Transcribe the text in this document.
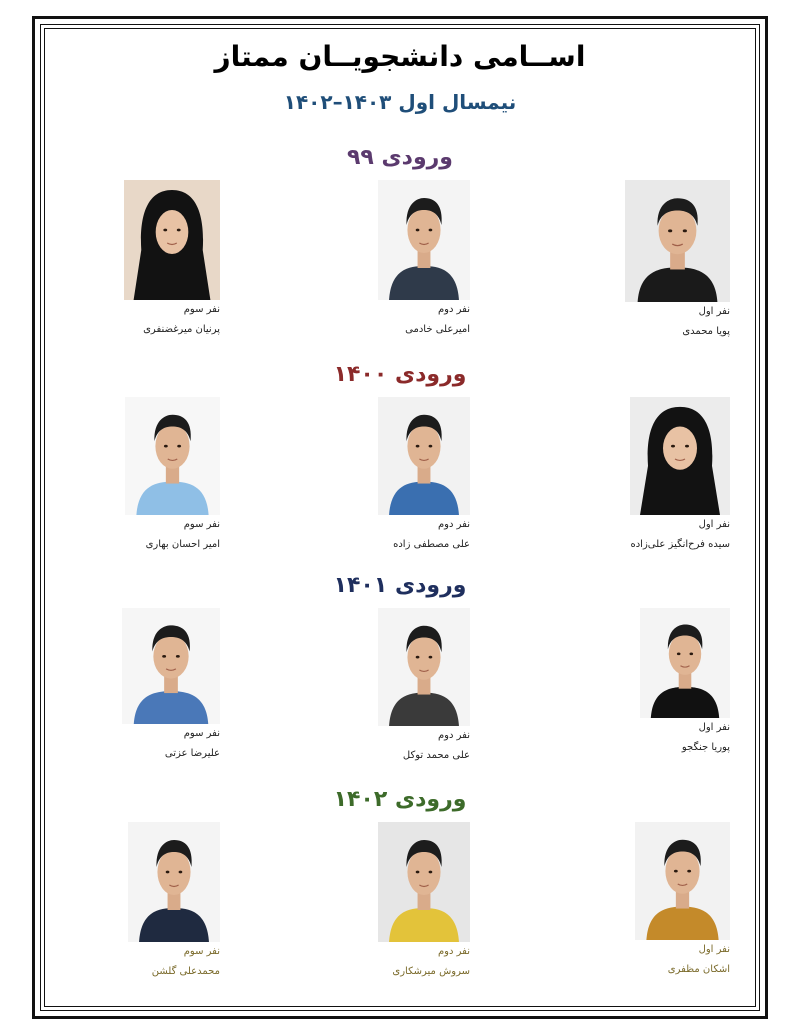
اســامی دانشجویــان ممتاز
نیمسال اول ۱۴۰۳–۱۴۰۲
ورودی ۹۹
نفر اول
پویا محمدی
نفر دوم
امیرعلی خادمی
نفر سوم
پرنیان میرغضنفری
ورودی ۱۴۰۰
نفر اول
سیده فرح‌انگیز علی‌زاده
نفر دوم
علی مصطفی زاده
نفر سوم
امیر احسان بهاری
ورودی ۱۴۰۱
نفر اول
پوریا جنگجو
نفر دوم
علی محمد توکل
نفر سوم
علیرضا عزتی
ورودی ۱۴۰۲
نفر اول
اشکان مظفری
نفر دوم
سروش میرشکاری
نفر سوم
محمدعلی گلشن
